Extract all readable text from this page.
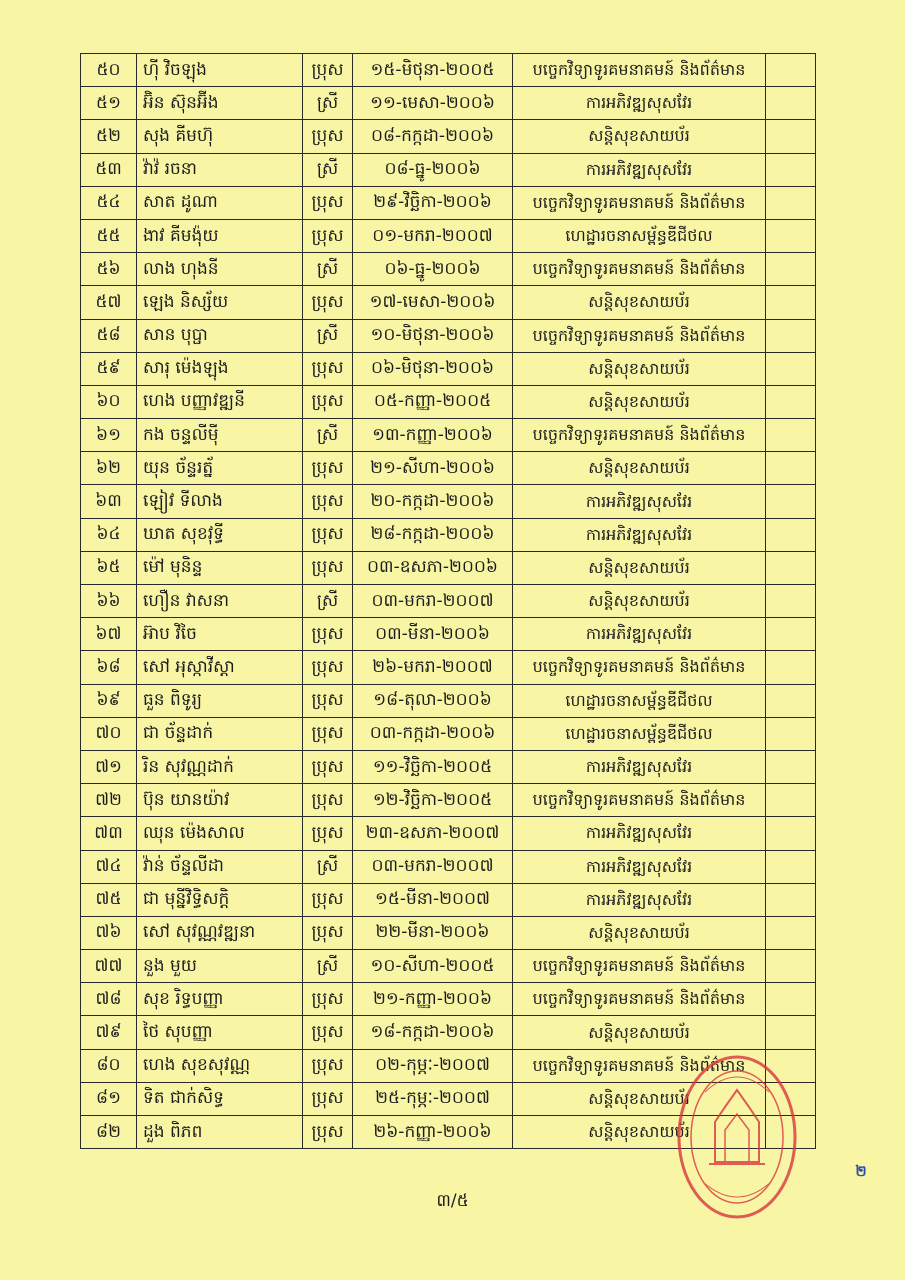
៥០	ហ៊ី វិចឡុង	ប្រុស	១៥-មិថុនា-២០០៥	បច្ចេកវិទ្យាទូរគមនាគមន៍ និងព័ត៌មាន	
៥១	អ៊ិន ស៊ុនអ៊ីង	ស្រី	១១-មេសា-២០០៦	ការអភិវឌ្ឍសុសវែរ	
៥២	សុង គីមហ៊ុ	ប្រុស	០៨-កក្កដា-២០០៦	សន្តិសុខសាយប័រ	
៥៣	វ៉ាវ៉ រចនា	ស្រី	០៨-ធ្នូ-២០០៦	ការអភិវឌ្ឍសុសវែរ	
៥៤	សាត ដូណា	ប្រុស	២៩-វិច្ឆិកា-២០០៦	បច្ចេកវិទ្យាទូរគមនាគមន៍ និងព័ត៌មាន	
៥៥	ងាវ គីមង៉ុយ	ប្រុស	០១-មករា-២០០៧	ហេដ្ឋារចនាសម្ព័ន្ធឌីជីថល	
៥៦	លាង ហុងនី	ស្រី	០៦-ធ្នូ-២០០៦	បច្ចេកវិទ្យាទូរគមនាគមន៍ និងព័ត៌មាន	
៥៧	ឡេង និស្ស័យ	ប្រុស	១៧-មេសា-២០០៦	សន្តិសុខសាយប័រ	
៥៨	សាន បុប្ផា	ស្រី	១០-មិថុនា-២០០៦	បច្ចេកវិទ្យាទូរគមនាគមន៍ និងព័ត៌មាន	
៥៩	សារុ ម៉េងឡុង	ប្រុស	០៦-មិថុនា-២០០៦	សន្តិសុខសាយប័រ	
៦០	ហេង បញ្ញាវឌ្ឍនី	ប្រុស	០៥-កញ្ញា-២០០៥	សន្តិសុខសាយប័រ	
៦១	កង ចន្ទលីម៉ី	ស្រី	១៣-កញ្ញា-២០០៦	បច្ចេកវិទ្យាទូរគមនាគមន៍ និងព័ត៌មាន	
៦២	យុន ច័ន្ទរត្ន័	ប្រុស	២១-សីហា-២០០៦	សន្តិសុខសាយប័រ	
៦៣	ឡៀវ ទីលាង	ប្រុស	២០-កក្កដា-២០០៦	ការអភិវឌ្ឍសុសវែរ	
៦៤	ឃាត សុខវុទ្ធី	ប្រុស	២៨-កក្កដា-២០០៦	ការអភិវឌ្ឍសុសវែរ	
៦៥	ម៉ៅ មុនិន្ទ	ប្រុស	០៣-ឧសភា-២០០៦	សន្តិសុខសាយប័រ	
៦៦	ហឿន វាសនា	ស្រី	០៣-មករា-២០០៧	សន្តិសុខសាយប័រ	
៦៧	អ៊ាប វិចៃ	ប្រុស	០៣-មីនា-២០០៦	ការអភិវឌ្ឍសុសវែរ	
៦៨	សៅ អុស្កាវីស្តា	ប្រុស	២៦-មករា-២០០៧	បច្ចេកវិទ្យាទូរគមនាគមន៍ និងព័ត៌មាន	
៦៩	ធួន ពិទូរ្យ	ប្រុស	១៨-តុលា-២០០៦	ហេដ្ឋារចនាសម្ព័ន្ធឌីជីថល	
៧០	ជា ច័ន្ទដាក់	ប្រុស	០៣-កក្កដា-២០០៦	ហេដ្ឋារចនាសម្ព័ន្ធឌីជីថល	
៧១	រិន សុវណ្ណដាក់	ប្រុស	១១-វិច្ឆិកា-២០០៥	ការអភិវឌ្ឍសុសវែរ	
៧២	ប៊ុន យានយ៉ាវ	ប្រុស	១២-វិច្ឆិកា-២០០៥	បច្ចេកវិទ្យាទូរគមនាគមន៍ និងព័ត៌មាន	
៧៣	ឈុន ម៉េងសាល	ប្រុស	២៣-ឧសភា-២០០៧	ការអភិវឌ្ឍសុសវែរ	
៧៤	វ៉ាន់ ច័ន្ទលីដា	ស្រី	០៣-មករា-២០០៧	ការអភិវឌ្ឍសុសវែរ	
៧៥	ជា មុន្នីវិទ្ធិសក្តិ	ប្រុស	១៥-មីនា-២០០៧	ការអភិវឌ្ឍសុសវែរ	
៧៦	សៅ សុវណ្ណវឌ្ឍនា	ប្រុស	២២-មីនា-២០០៦	សន្តិសុខសាយប័រ	
៧៧	នួង មួយ	ស្រី	១០-សីហា-២០០៥	បច្ចេកវិទ្យាទូរគមនាគមន៍ និងព័ត៌មាន	
៧៨	សុខ រិទ្ធបញ្ញា	ប្រុស	២១-កញ្ញា-២០០៦	បច្ចេកវិទ្យាទូរគមនាគមន៍ និងព័ត៌មាន	
៧៩	ថៃ សុបញ្ញា	ប្រុស	១៨-កក្កដា-២០០៦	សន្តិសុខសាយប័រ	
៨០	ហេង សុខសុវណ្ណ	ប្រុស	០២-កុម្ភៈ-២០០៧	បច្ចេកវិទ្យាទូរគមនាគមន៍ និងព័ត៌មាន	
៨១	ទិត ជាក់សិទ្ធ	ប្រុស	២៥-កុម្ភៈ-២០០៧	សន្តិសុខសាយប័រ	
៨២	ដួង ពិភព	ប្រុស	២៦-កញ្ញា-២០០៦	សន្តិសុខសាយប័រ	
៣/៥
២
